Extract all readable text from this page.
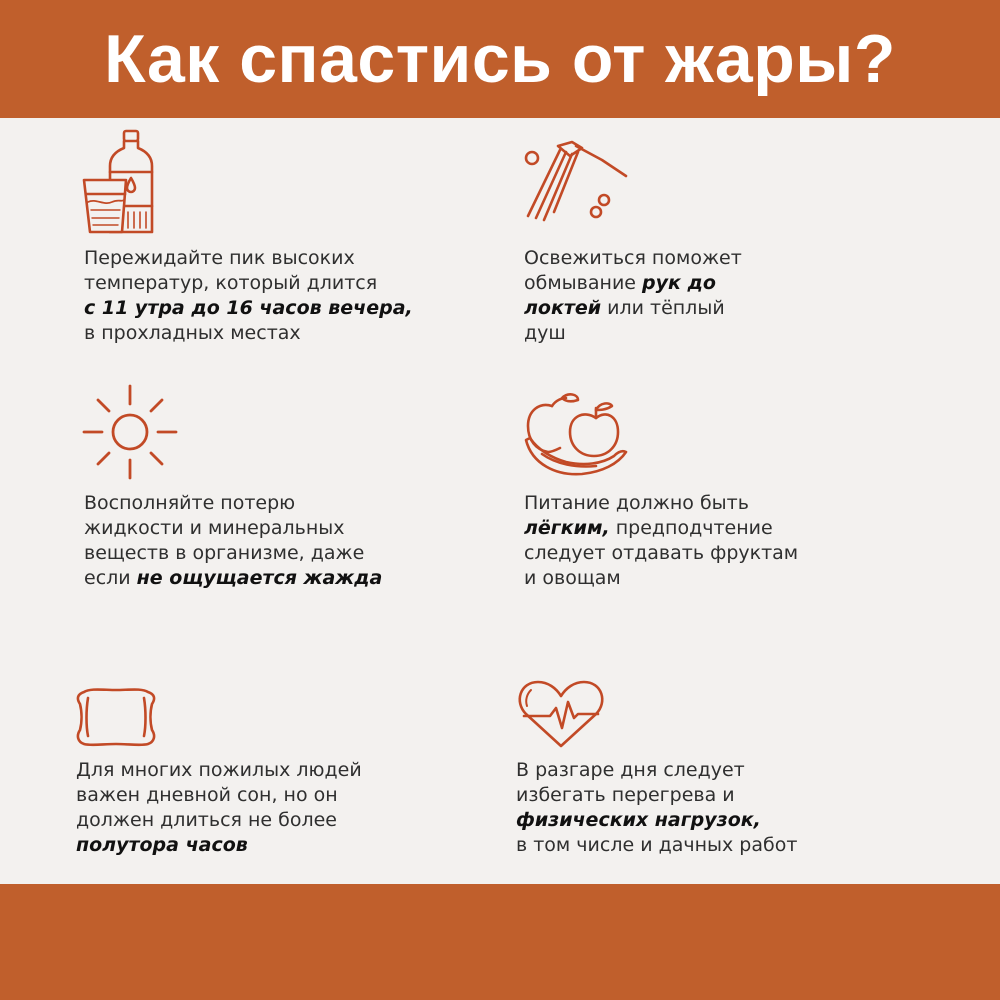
Как спастись от жары?
Пережидайте пик высоких
температур, который длится
с 11 утра до 16 часов вечера,
в прохладных местах
Освежиться поможет
обмывание рук до
локтей или тёплый
душ
Восполняйте потерю
жидкости и минеральных
веществ в организме, даже
если не ощущается жажда
Питание должно быть
лёгким, предподчтение
следует отдавать фруктам
и овощам
Для многих пожилых людей
важен дневной сон, но он
должен длиться не более
полутора часов
В разгаре дня следует
избегать перегрева и
физических нагрузок,
в том числе и дачных работ
